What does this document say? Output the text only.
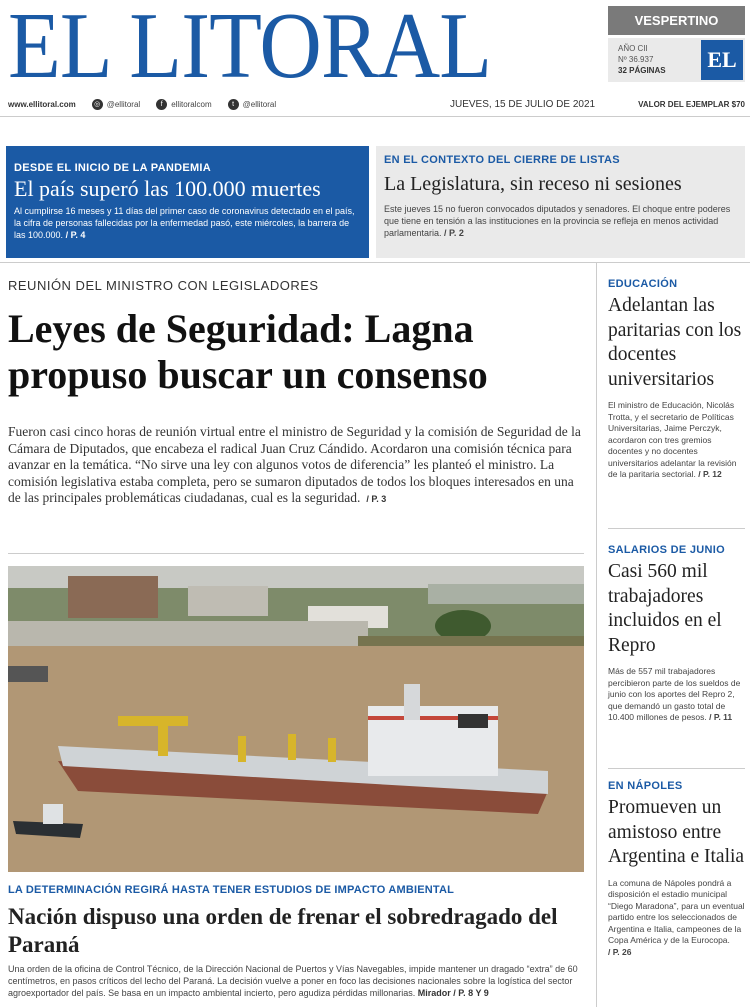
EL LITORAL	VESPERTINO
AÑO CII
Nº 36.937
32 PÁGINAS EL
www.ellitoral.com	◎ @ellitoral	f	ellitoralcom	t	@ellitoral	JUEVES, 15 DE JULIO DE 2021	VALOR DEL EJEMPLAR $70
DESDE EL INICIO DE LA PANDEMIA
El país superó las 100.000 muertes

Al cumplirse 16 meses y 11 días del primer caso de coronavirus detectado en el país, la cifra de personas fallecidas por la enfermedad pasó, este miércoles, la barrera de las 100.000. / P. 4

EN EL CONTEXTO DEL CIERRE DE LISTAS
La Legislatura, sin receso ni sesiones

Este jueves 15 no fueron convocados diputados y senadores. El choque entre poderes que tiene en tensión a las instituciones en la provincia se refleja en menos actividad parlamentaria. / P. 2

REUNIÓN DEL MINISTRO CON LEGISLADORES
Leyes de Seguridad: Lagna propuso buscar un consenso

Fueron casi cinco horas de reunión virtual entre el ministro de Seguridad y la comisión de Seguridad de la Cámara de Diputados, que encabeza el radical Juan Cruz Cándido. Acordaron una comisión técnica para avanzar en la temática. “No sirve una ley con algunos votos de diferencia” les planteó el ministro. La comisión legislativa estaba completa, pero se sumaron diputados de todos los bloques interesados en una de las principales problemáticas ciudadanas, cual es la seguridad. / P. 3

LA DETERMINACIÓN REGIRÁ HASTA TENER ESTUDIOS DE IMPACTO AMBIENTAL
Nación dispuso una orden de frenar el sobredragado del Paraná

Una orden de la oficina de Control Técnico, de la Dirección Nacional de Puertos y Vías Navegables, impide mantener un dragado “extra” de 60 centímetros, en pasos críticos del lecho del Paraná. La decisión vuelve a poner en foco las decisiones nacionales sobre la logística del sector agroexportador del país. Se basa en un impacto ambiental incierto, pero agudiza pérdidas millonarias. Mirador / P. 8 Y 9

EDUCACIÓN
Adelantan las paritarias con los docentes universitarios

El ministro de Educación, Nicolás Trotta, y el secretario de Políticas Universitarias, Jaime Perczyk, acordaron con tres gremios docentes y no docentes universitarios adelantar la revisión de la paritaria sectorial. / P. 12

SALARIOS DE JUNIO
Casi 560 mil trabajadores incluidos en el Repro

Más de 557 mil trabajadores percibieron parte de los sueldos de junio con los aportes del Repro 2, que demandó un gasto total de 10.400 millones de pesos. / P. 11

EN NÁPOLES
Promueven un amistoso entre Argentina e Italia

La comuna de Nápoles pondrá a disposición el estadio municipal “Diego Maradona”, para un eventual partido entre los seleccionados de Argentina e Italia, campeones de la Copa América y de la Eurocopa. / P. 26
